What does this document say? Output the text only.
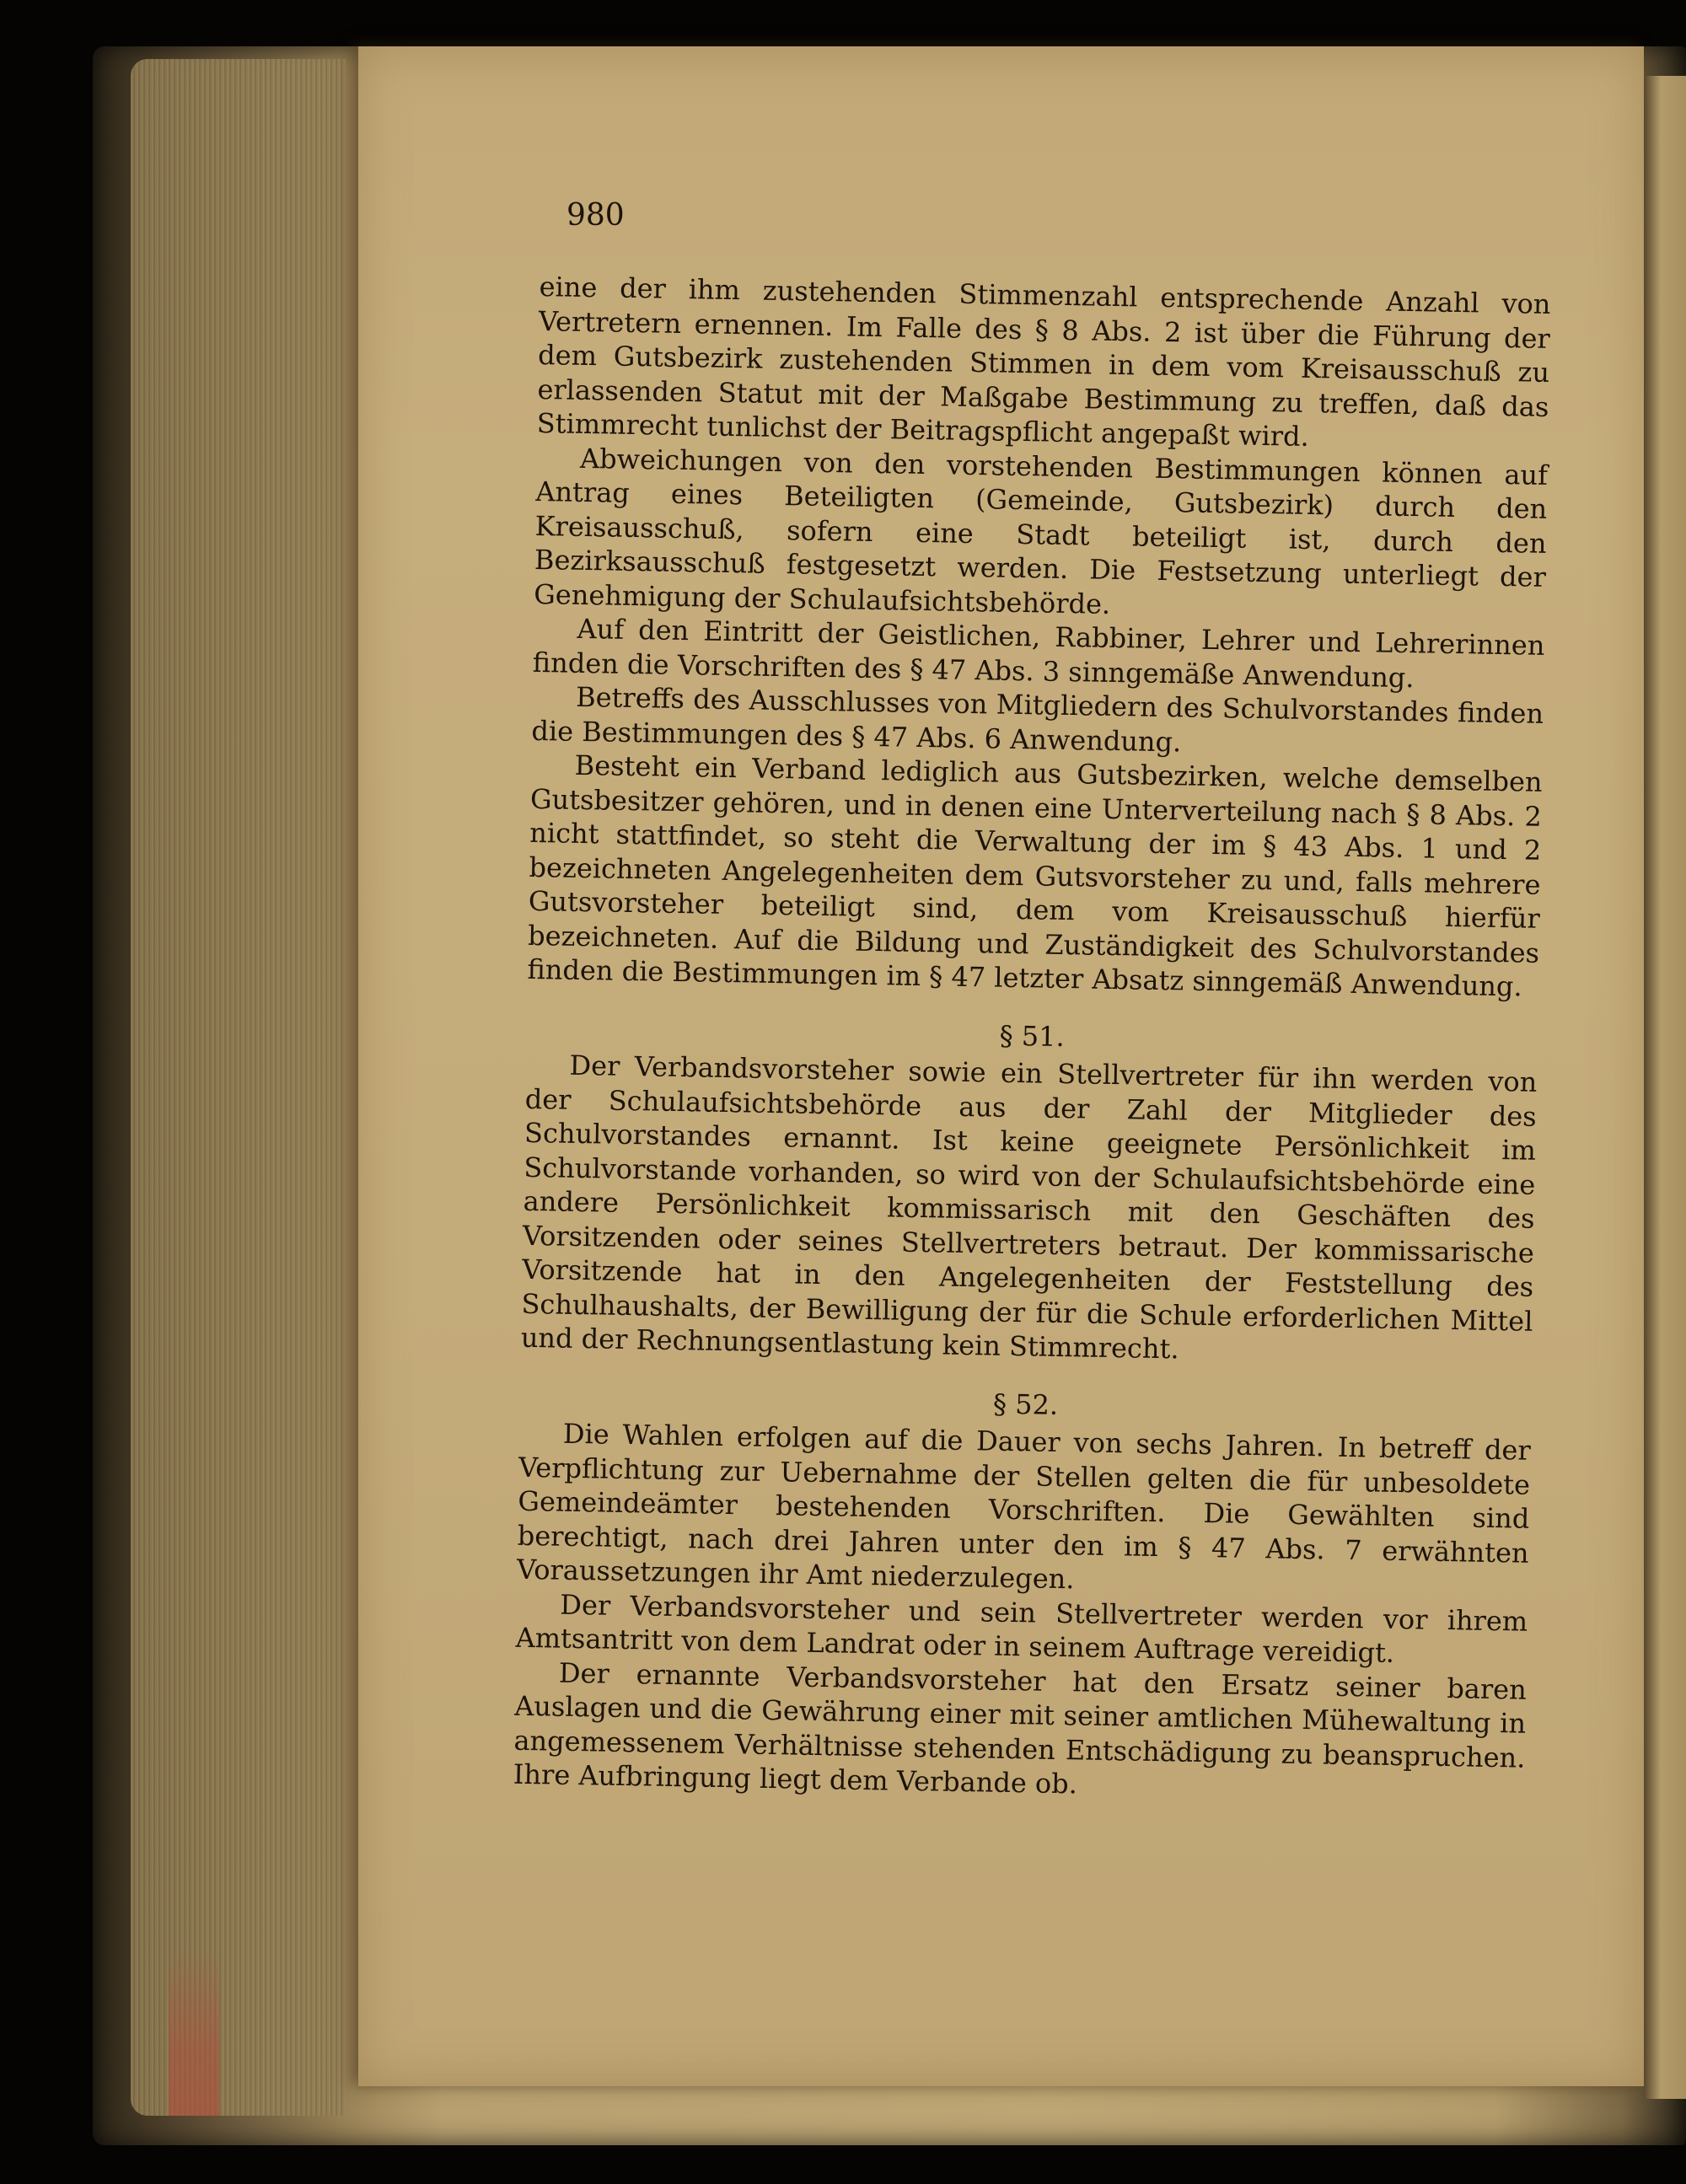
980

eine der ihm zustehenden Stimmenzahl entsprechende Anzahl von Vertretern ernennen. Im Falle des § 8 Abs. 2 ist über die Führung der dem Gutsbezirk zustehenden Stimmen in dem vom Kreisausschuß zu erlassenden Statut mit der Maßgabe Bestimmung zu treffen, daß das Stimmrecht tunlichst der Beitragspflicht angepaßt wird.

Abweichungen von den vorstehenden Bestimmungen können auf Antrag eines Beteiligten (Gemeinde, Gutsbezirk) durch den Kreisausschuß, sofern eine Stadt beteiligt ist, durch den Bezirksausschuß festgesetzt werden. Die Festsetzung unterliegt der Genehmigung der Schulaufsichtsbehörde.

Auf den Eintritt der Geistlichen, Rabbiner, Lehrer und Lehrerinnen finden die Vorschriften des § 47 Abs. 3 sinngemäße Anwendung.

Betreffs des Ausschlusses von Mitgliedern des Schulvorstandes finden die Bestimmungen des § 47 Abs. 6 Anwendung.

Besteht ein Verband lediglich aus Gutsbezirken, welche demselben Gutsbesitzer gehören, und in denen eine Unterverteilung nach § 8 Abs. 2 nicht stattfindet, so steht die Verwaltung der im § 43 Abs. 1 und 2 bezeichneten Angelegenheiten dem Gutsvorsteher zu und, falls mehrere Gutsvorsteher beteiligt sind, dem vom Kreisausschuß hierfür bezeichneten. Auf die Bildung und Zuständigkeit des Schulvorstandes finden die Bestimmungen im § 47 letzter Absatz sinngemäß Anwendung.

§ 51.

Der Verbandsvorsteher sowie ein Stellvertreter für ihn werden von der Schulaufsichtsbehörde aus der Zahl der Mitglieder des Schulvorstandes ernannt. Ist keine geeignete Persönlichkeit im Schulvorstande vorhanden, so wird von der Schulaufsichtsbehörde eine andere Persönlichkeit kommissarisch mit den Geschäften des Vorsitzenden oder seines Stellvertreters betraut. Der kommissarische Vorsitzende hat in den Angelegenheiten der Feststellung des Schulhaushalts, der Bewilligung der für die Schule erforderlichen Mittel und der Rechnungsentlastung kein Stimmrecht.

§ 52.

Die Wahlen erfolgen auf die Dauer von sechs Jahren. In betreff der Verpflichtung zur Uebernahme der Stellen gelten die für unbesoldete Gemeindeämter bestehenden Vorschriften. Die Gewählten sind berechtigt, nach drei Jahren unter den im § 47 Abs. 7 erwähnten Voraussetzungen ihr Amt niederzulegen.

Der Verbandsvorsteher und sein Stellvertreter werden vor ihrem Amtsantritt von dem Landrat oder in seinem Auftrage vereidigt.

Der ernannte Verbandsvorsteher hat den Ersatz seiner baren Auslagen und die Gewährung einer mit seiner amtlichen Mühewaltung in angemessenem Verhältnisse stehenden Entschädigung zu beanspruchen. Ihre Aufbringung liegt dem Verbande ob.
